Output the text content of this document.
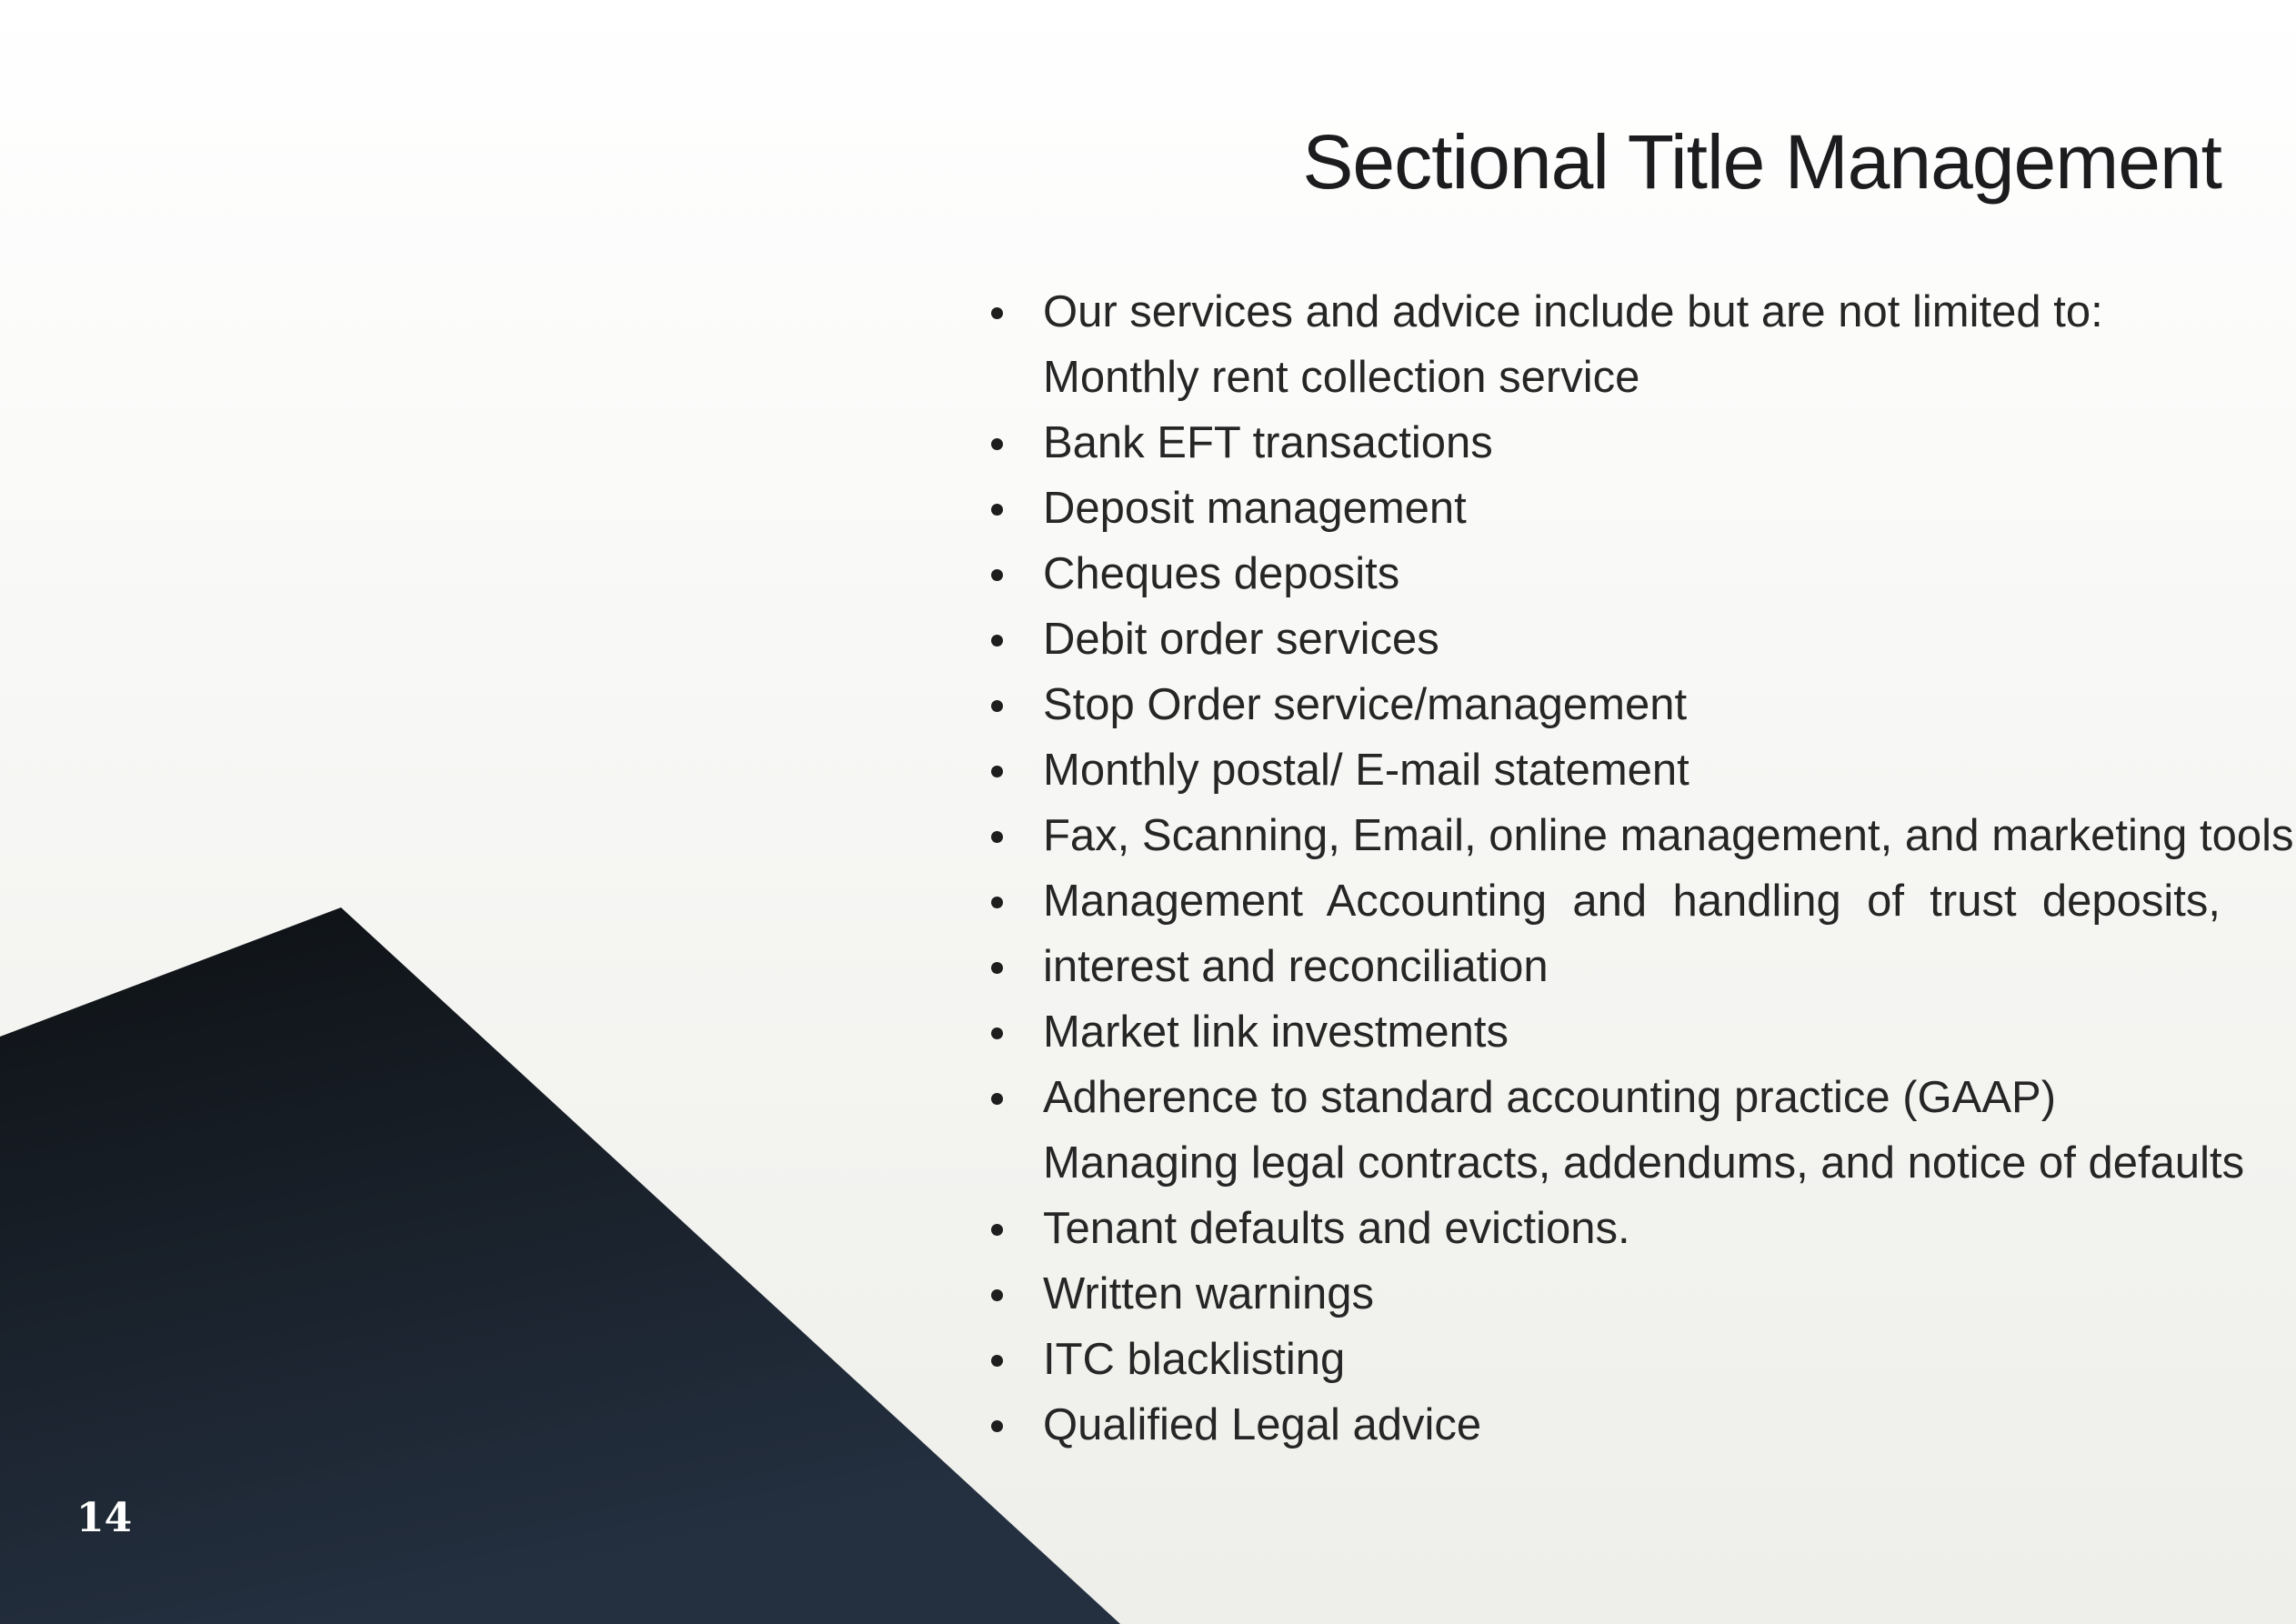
14
Sectional Title Management
Our services and advice include but are not limited to:
Monthly rent collection service
Bank EFT transactions
Deposit management
Cheques deposits
Debit order services
Stop Order service/management
Monthly postal/ E-mail statement
Fax, Scanning, Email, online management, and marketing tools
Management Accounting and handling of trust deposits,
interest and reconciliation
Market link investments
Adherence to standard accounting practice (GAAP)
Managing legal contracts, addendums, and notice of defaults
Tenant defaults and evictions.
Written warnings
ITC blacklisting
Qualified Legal advice
